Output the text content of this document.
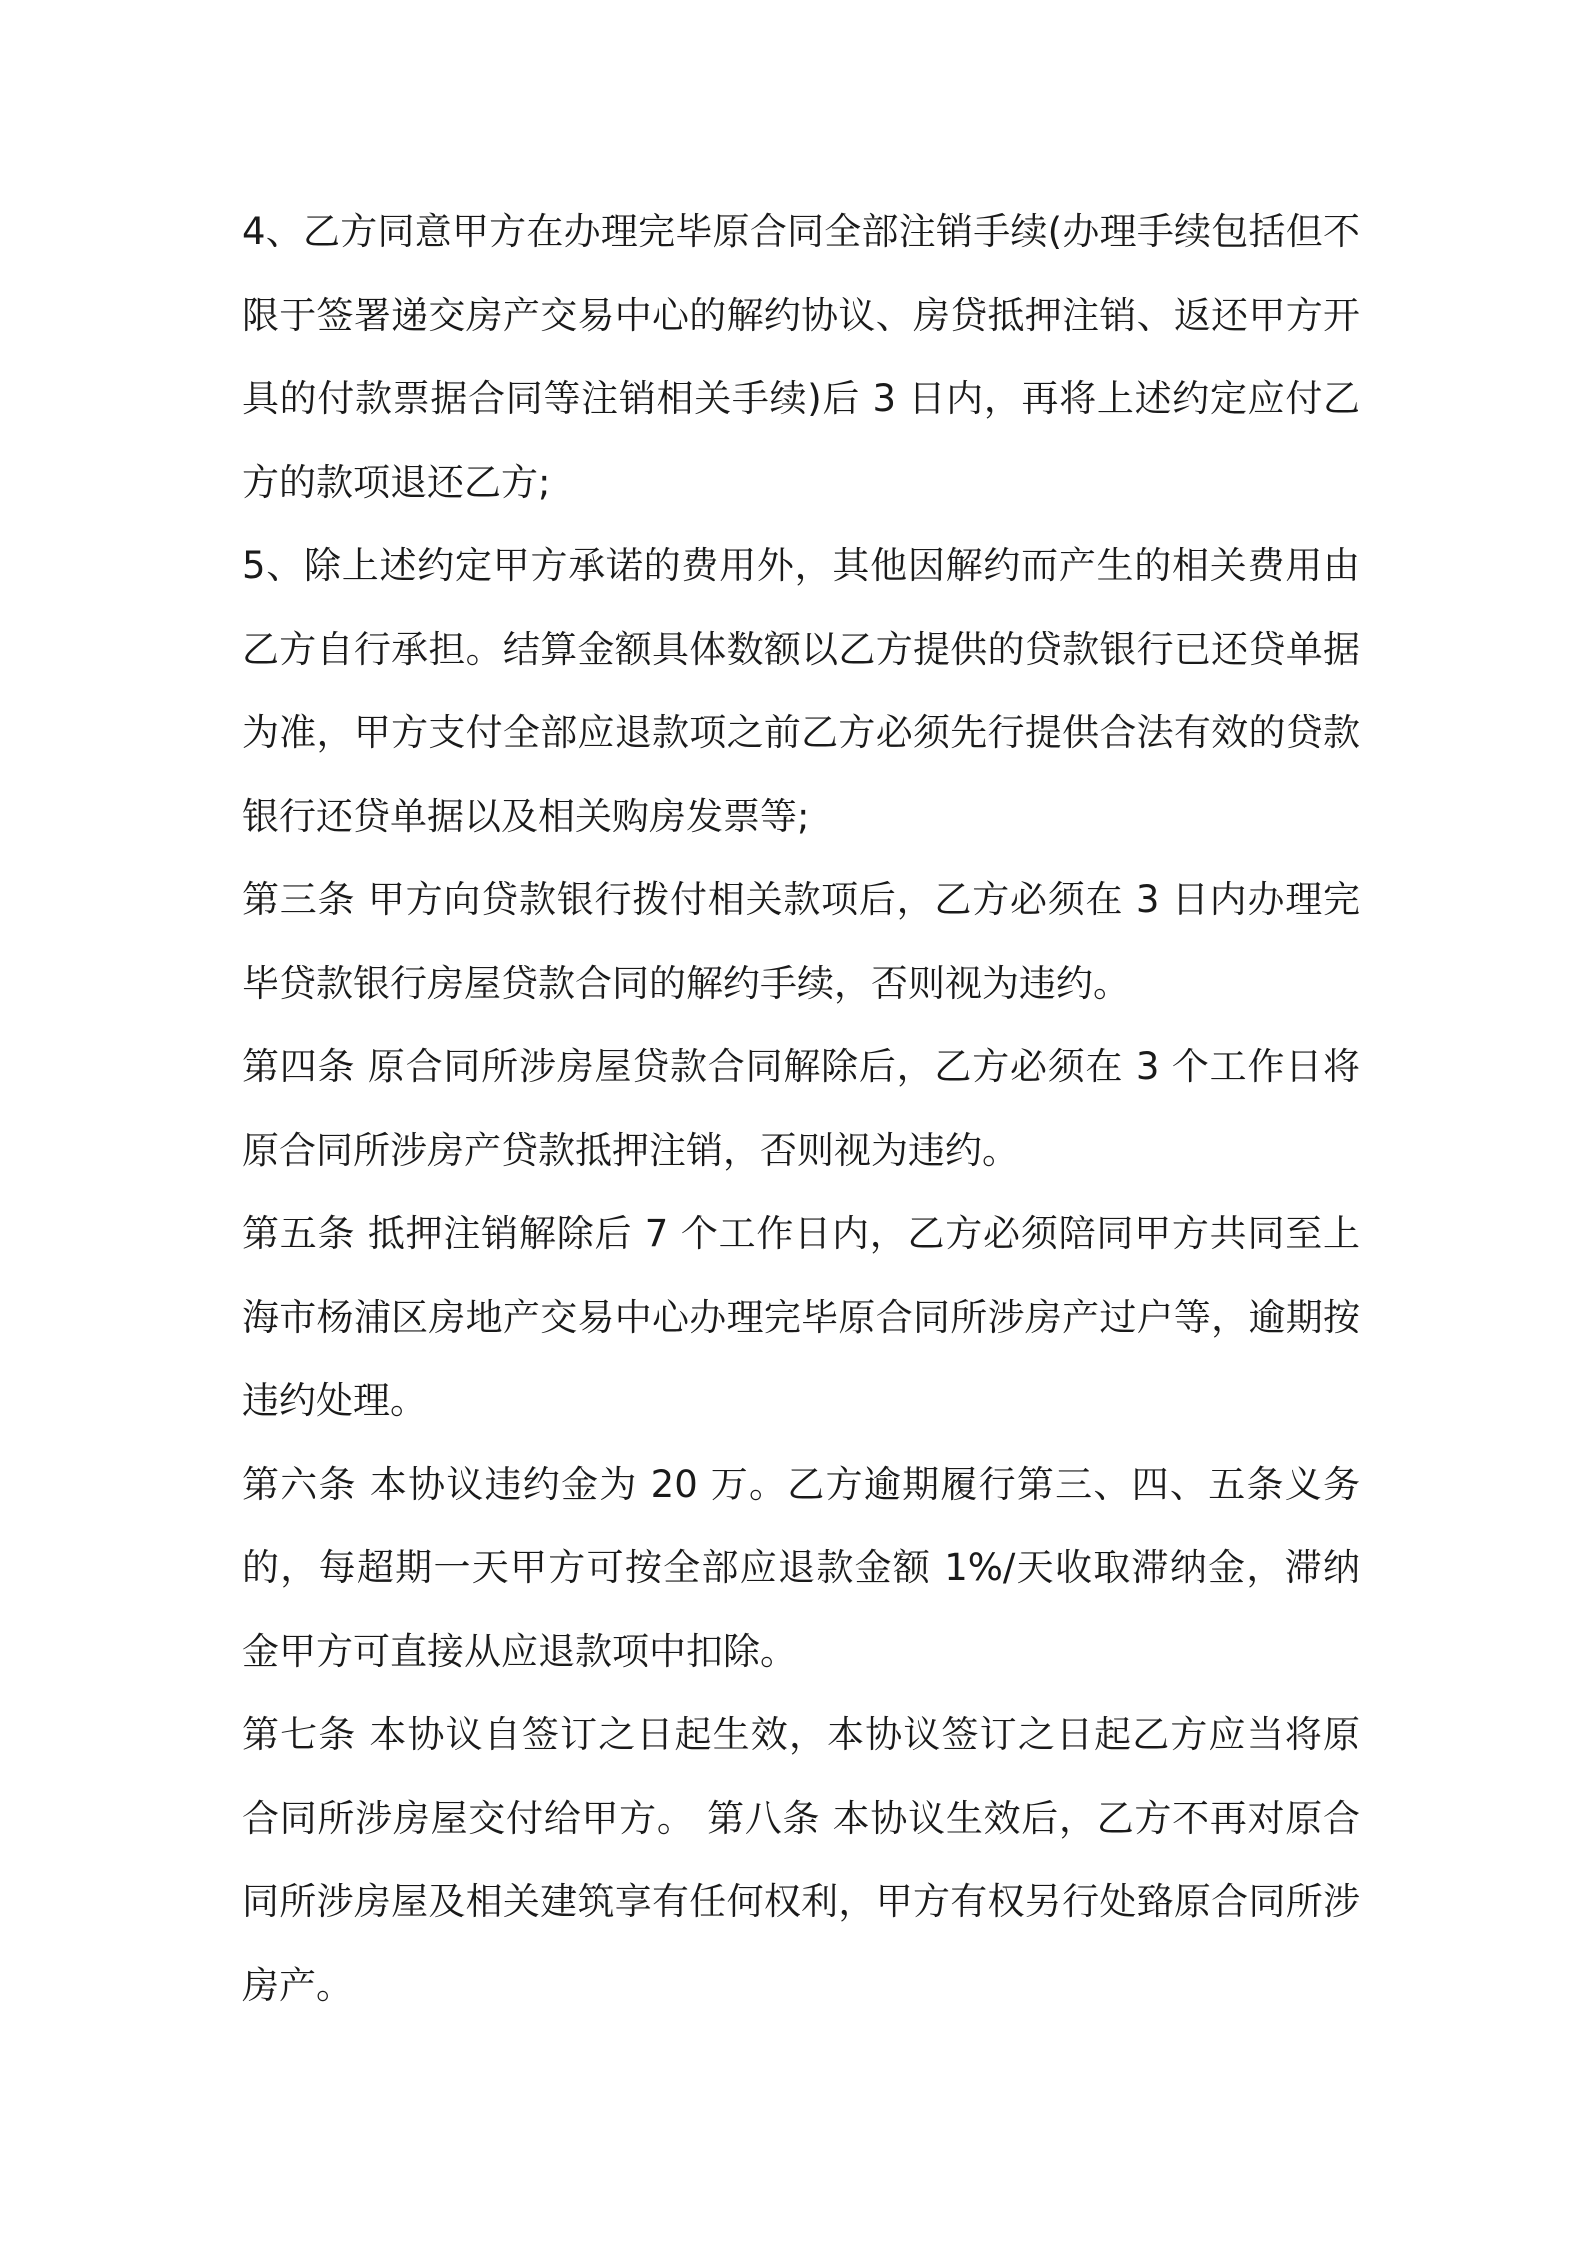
4、乙方同意甲方在办理完毕原合同全部注销手续(办理手续包括但不限于签署递交房产交易中心的解约协议、房贷抵押注销、返还甲方开具的付款票据合同等注销相关手续)后 3 日内，再将上述约定应付乙方的款项退还乙方;

5、除上述约定甲方承诺的费用外，其他因解约而产生的相关费用由乙方自行承担。结算金额具体数额以乙方提供的贷款银行已还贷单据为准，甲方支付全部应退款项之前乙方必须先行提供合法有效的贷款银行还贷单据以及相关购房发票等;

第三条 甲方向贷款银行拨付相关款项后，乙方必须在 3 日内办理完毕贷款银行房屋贷款合同的解约手续，否则视为违约。

第四条 原合同所涉房屋贷款合同解除后，乙方必须在 3 个工作日将原合同所涉房产贷款抵押注销，否则视为违约。

第五条 抵押注销解除后 7 个工作日内，乙方必须陪同甲方共同至上海市杨浦区房地产交易中心办理完毕原合同所涉房产过户等，逾期按违约处理。

第六条 本协议违约金为 20 万。乙方逾期履行第三、四、五条义务的，每超期一天甲方可按全部应退款金额 1%/天收取滞纳金，滞纳金甲方可直接从应退款项中扣除。

第七条 本协议自签订之日起生效，本协议签订之日起乙方应当将原合同所涉房屋交付给甲方。 第八条 本协议生效后，乙方不再对原合同所涉房屋及相关建筑享有任何权利，甲方有权另行处臵原合同所涉房产。
